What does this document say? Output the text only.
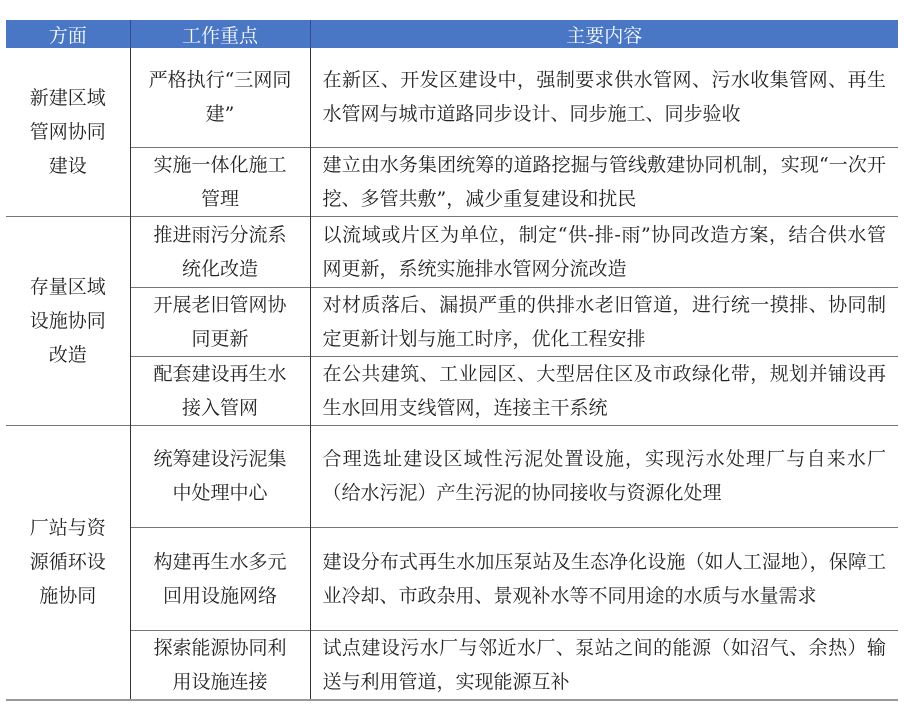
方面	工作重点	主要内容
新建区域管网协同建设	严格执行“三网同建”	在新区、开发区建设中，强制要求供水管网、污水收集管网、再生水管网与城市道路同步设计、同步施工、同步验收
	实施一体化施工管理	建立由水务集团统筹的道路挖掘与管线敷建协同机制，实现“一次开挖、多管共敷”，减少重复建设和扰民
存量区域设施协同改造	推进雨污分流系统化改造	以流域或片区为单位，制定“供-排-雨”协同改造方案，结合供水管网更新，系统实施排水管网分流改造
	开展老旧管网协同更新	对材质落后、漏损严重的供排水老旧管道，进行统一摸排、协同制定更新计划与施工时序，优化工程安排
	配套建设再生水接入管网	在公共建筑、工业园区、大型居住区及市政绿化带，规划并铺设再生水回用支线管网，连接主干系统
厂站与资源循环设施协同	统筹建设污泥集中处理中心	合理选址建设区域性污泥处置设施，实现污水处理厂与自来水厂（给水污泥）产生污泥的协同接收与资源化处理
	构建再生水多元回用设施网络	建设分布式再生水加压泵站及生态净化设施（如人工湿地），保障工业冷却、市政杂用、景观补水等不同用途的水质与水量需求
	探索能源协同利用设施连接	试点建设污水厂与邻近水厂、泵站之间的能源（如沼气、余热）输送与利用管道，实现能源互补
